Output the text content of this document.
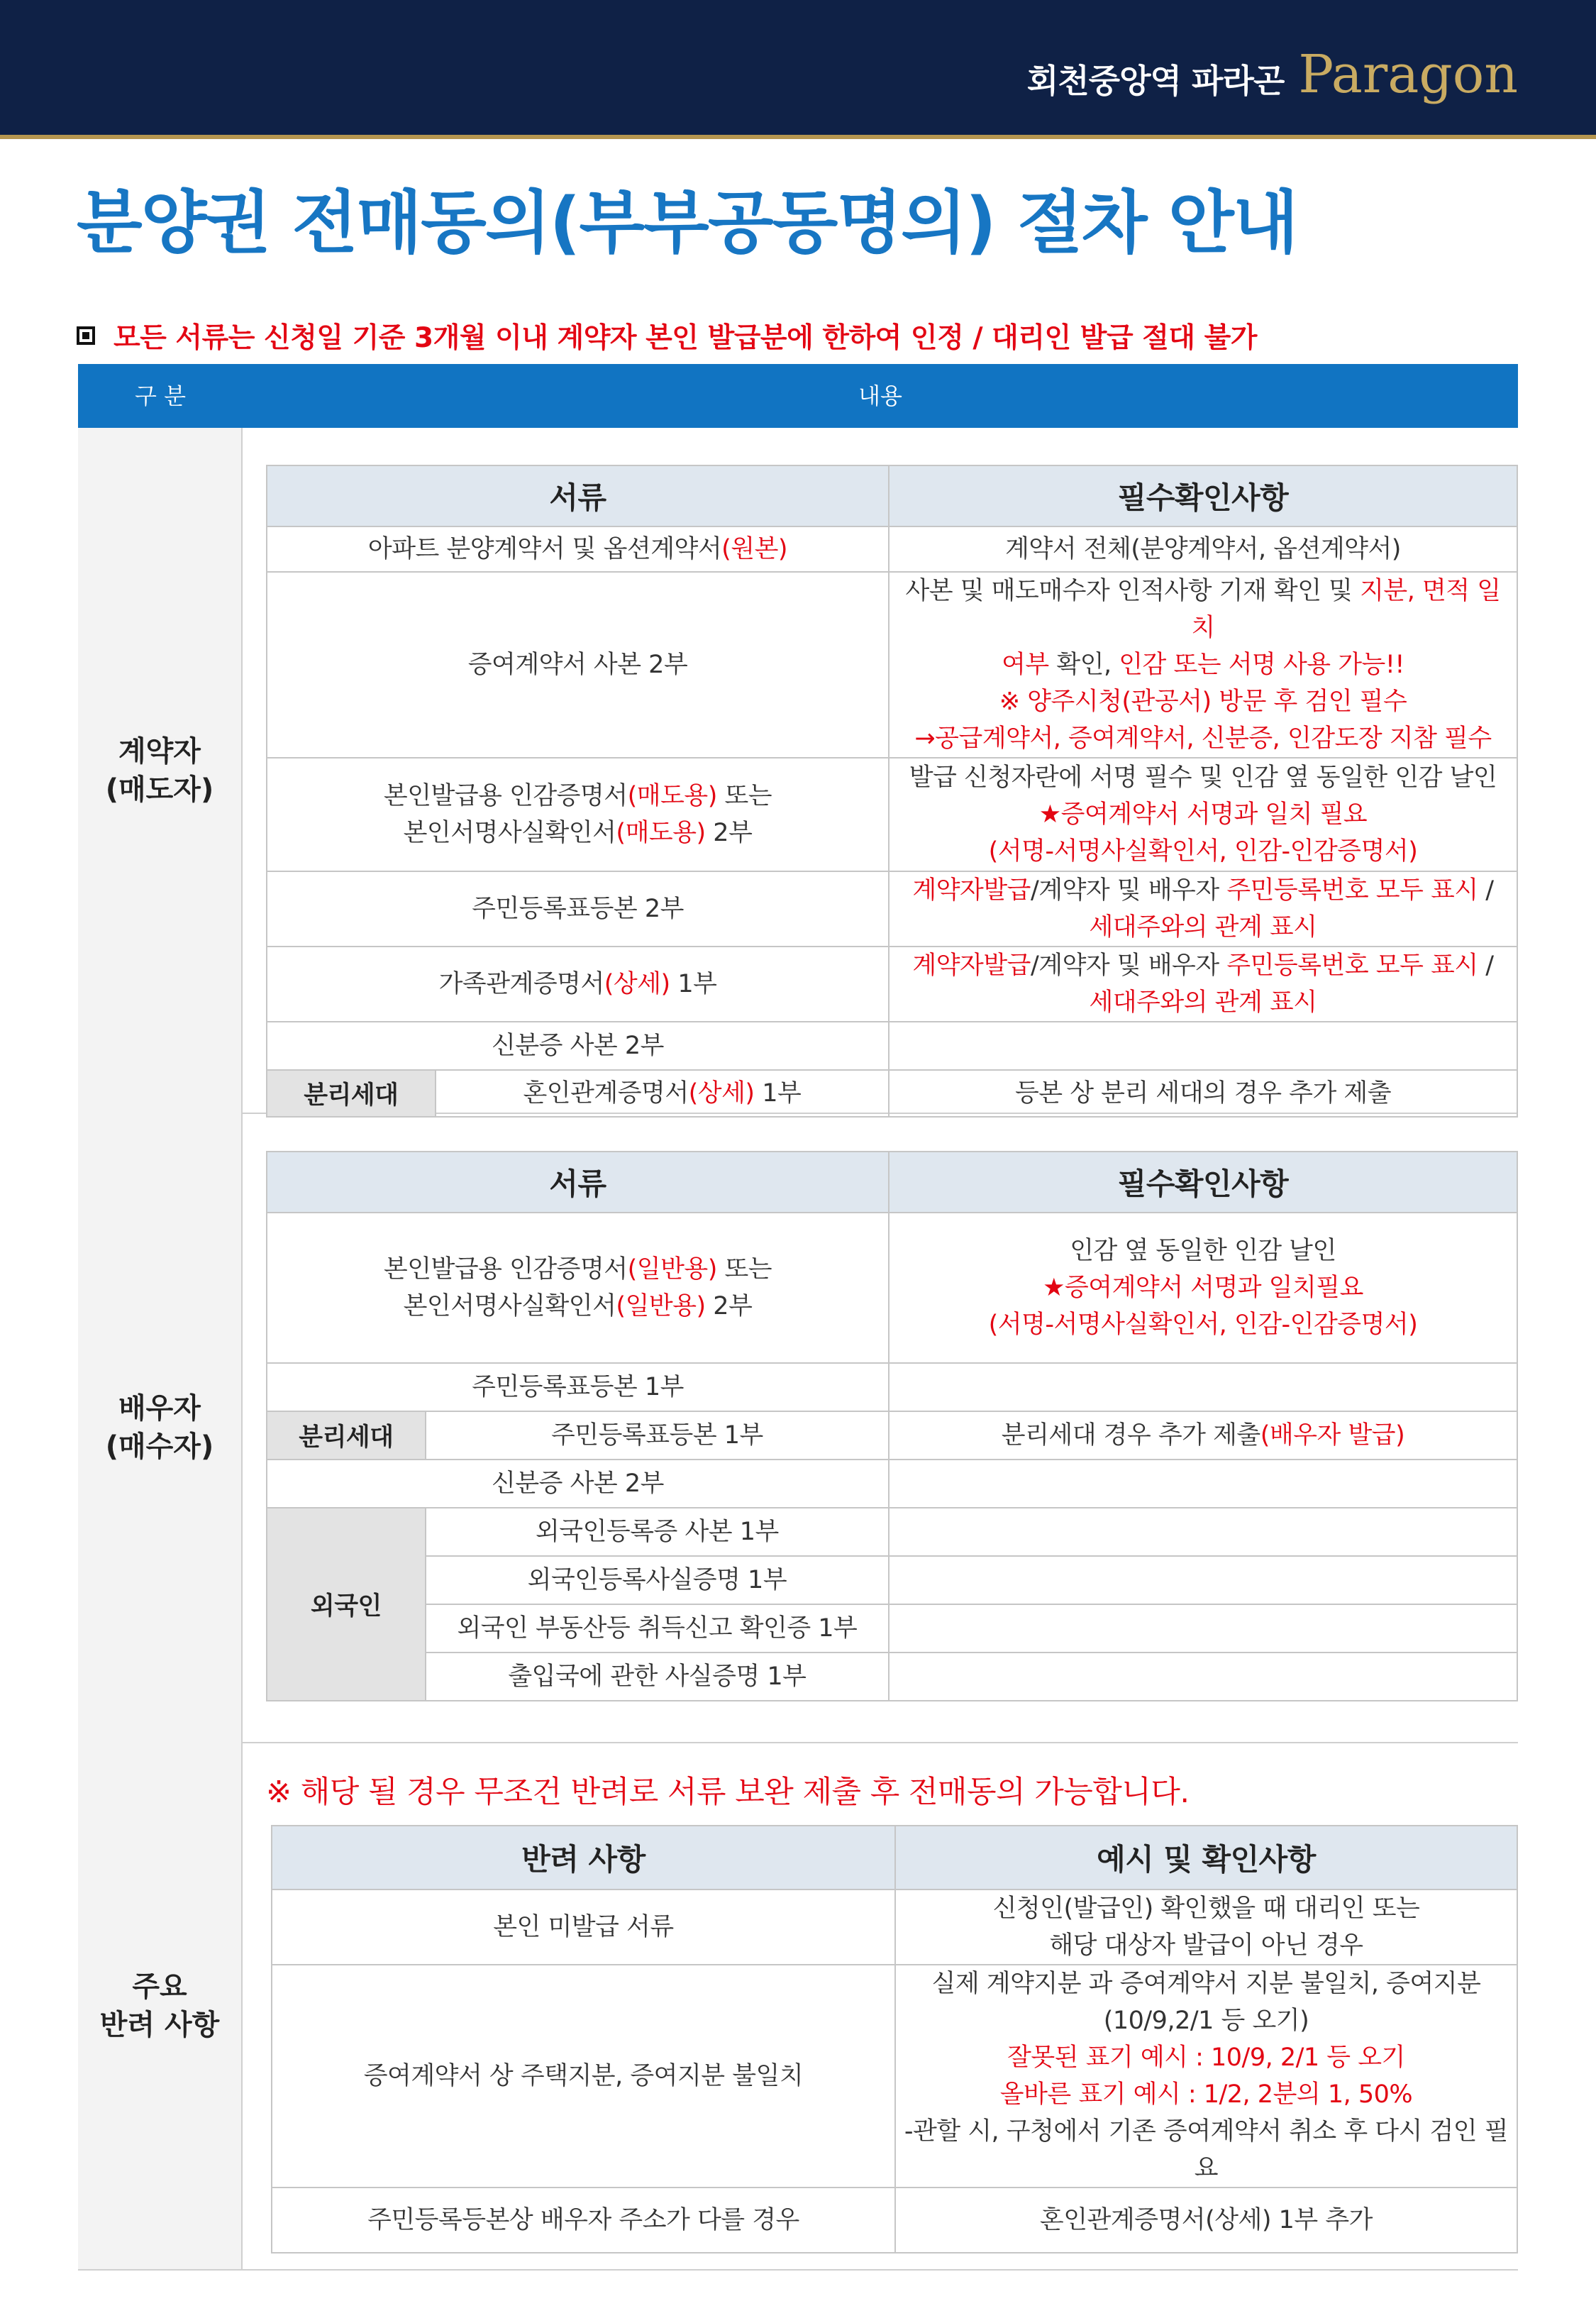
회천중앙역 파라곤 Paragon
분양권 전매동의(부부공동명의) 절차 안내
모든 서류는 신청일 기준 3개월 이내 계약자 본인 발급분에 한하여 인정 / 대리인 발급 절대 불가
구 분	내용
계약자
(매도자)
서류		필수확인사항

아파트 분양계약서 및 옵션계약서(원본)		계약서 전체(분양계약서, 옵션계약서)

증여계약서 사본 2부		사본 및 매도매수자 인적사항 기재 확인 및 지분, 면적 일치
여부 확인, 인감 또는 서명 사용 가능!!
※ 양주시청(관공서) 방문 후 검인 필수
→공급계약서, 증여계약서, 신분증, 인감도장 지참 필수

본인발급용 인감증명서(매도용) 또는
본인서명사실확인서(매도용) 2부		발급 신청자란에 서명 필수 및 인감 옆 동일한 인감 날인
★증여계약서 서명과 일치 필요
(서명-서명사실확인서, 인감-인감증명서)

주민등록표등본 2부		계약자발급/계약자 및 배우자 주민등록번호 모두 표시 /
세대주와의 관계 표시

가족관계증명서(상세) 1부		계약자발급/계약자 및 배우자 주민등록번호 모두 표시 /
세대주와의 관계 표시

신분증 사본 2부		

분리세대	혼인관계증명서(상세) 1부	등본 상 분리 세대의 경우 추가 제출
배우자
(매수자)
서류		필수확인사항

본인발급용 인감증명서(일반용) 또는
본인서명사실확인서(일반용) 2부		인감 옆 동일한 인감 날인
★증여계약서 서명과 일치필요
(서명-서명사실확인서, 인감-인감증명서)

주민등록표등본 1부		

분리세대	주민등록표등본 1부	분리세대 경우 추가 제출(배우자 발급)

신분증 사본 2부		

외국인	외국인등록증 사본 1부	

	외국인등록사실증명 1부	

	외국인 부동산등 취득신고 확인증 1부	

	출입국에 관한 사실증명 1부	

주요
반려 사항
반려 사항	예시 및 확인사항

본인 미발급 서류	신청인(발급인) 확인했을 때 대리인 또는
해당 대상자 발급이 아닌 경우

증여계약서 상 주택지분, 증여지분 불일치	실제 계약지분 과 증여계약서 지분 불일치, 증여지분
(10/9,2/1 등 오기)
잘못된 표기 예시 : 10/9, 2/1 등 오기
올바른 표기 예시 : 1/2, 2분의 1, 50%
-관할 시, 구청에서 기존 증여계약서 취소 후 다시 검인 필요

주민등록등본상 배우자 주소가 다를 경우	혼인관계증명서(상세) 1부 추가
※ 해당 될 경우 무조건 반려로 서류 보완 제출 후 전매동의 가능합니다.
